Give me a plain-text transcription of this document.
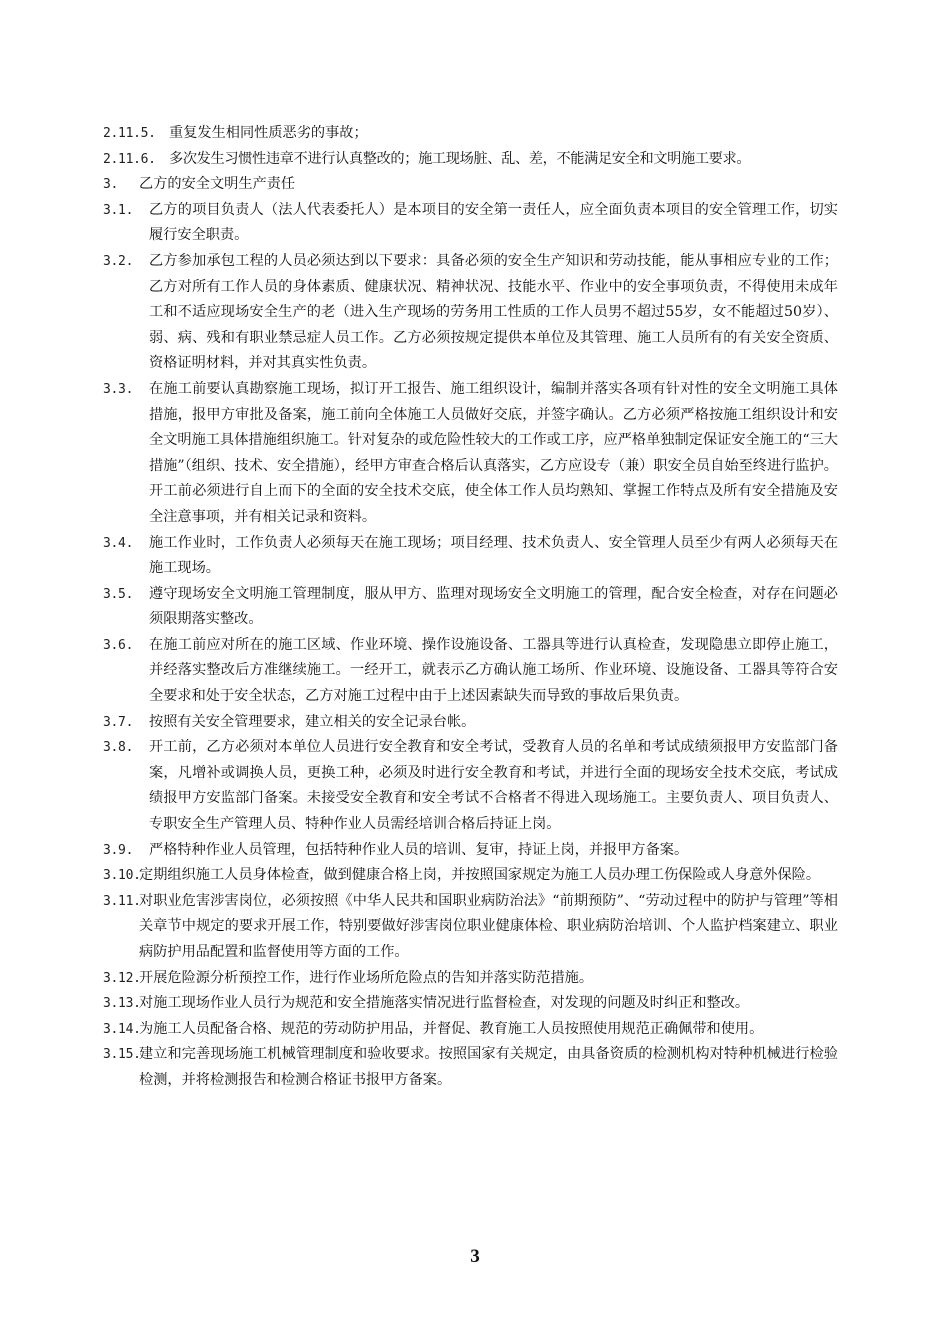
2.11.5. 重复发生相同性质恶劣的事故；
2.11.6. 多次发生习惯性违章不进行认真整改的；施工现场脏、乱、差，不能满足安全和文明施工要求。
3.	乙方的安全文明生产责任
3.1.	乙方的项目负责人（法人代表委托人）是本项目的安全第一责任人，应全面负责本项目的安全管理工作，切实履行安全职责。
3.2.	乙方参加承包工程的人员必须达到以下要求：具备必须的安全生产知识和劳动技能，能从事相应专业的工作；乙方对所有工作人员的身体素质、健康状况、精神状况、技能水平、作业中的安全事项负责，不得使用未成年工和不适应现场安全生产的老（进入生产现场的劳务用工性质的工作人员男不超过55岁，女不能超过50岁）、弱、病、残和有职业禁忌症人员工作。乙方必须按规定提供本单位及其管理、施工人员所有的有关安全资质、资格证明材料，并对其真实性负责。
3.3.	在施工前要认真勘察施工现场，拟订开工报告、施工组织设计，编制并落实各项有针对性的安全文明施工具体措施，报甲方审批及备案，施工前向全体施工人员做好交底，并签字确认。乙方必须严格按施工组织设计和安全文明施工具体措施组织施工。针对复杂的或危险性较大的工作或工序，应严格单独制定保证安全施工的“三大措施”（组织、技术、安全措施），经甲方审查合格后认真落实，乙方应设专（兼）职安全员自始至终进行监护。开工前必须进行自上而下的全面的安全技术交底，使全体工作人员均熟知、掌握工作特点及所有安全措施及安全注意事项，并有相关记录和资料。
3.4.	施工作业时，工作负责人必须每天在施工现场；项目经理、技术负责人、安全管理人员至少有两人必须每天在施工现场。
3.5.	遵守现场安全文明施工管理制度，服从甲方、监理对现场安全文明施工的管理，配合安全检查，对存在问题必须限期落实整改。
3.6.	在施工前应对所在的施工区域、作业环境、操作设施设备、工器具等进行认真检查，发现隐患立即停止施工，并经落实整改后方准继续施工。一经开工，就表示乙方确认施工场所、作业环境、设施设备、工器具等符合安全要求和处于安全状态，乙方对施工过程中由于上述因素缺失而导致的事故后果负责。
3.7.	按照有关安全管理要求，建立相关的安全记录台帐。
3.8.	开工前，乙方必须对本单位人员进行安全教育和安全考试，受教育人员的名单和考试成绩须报甲方安监部门备案，凡增补或调换人员，更换工种，必须及时进行安全教育和考试，并进行全面的现场安全技术交底，考试成绩报甲方安监部门备案。未接受安全教育和安全考试不合格者不得进入现场施工。主要负责人、项目负责人、专职安全生产管理人员、特种作业人员需经培训合格后持证上岗。
3.9.	严格特种作业人员管理，包括特种作业人员的培训、复审，持证上岗，并报甲方备案。
3.10.
定期组织施工人员身体检查，做到健康合格上岗，并按照国家规定为施工人员办理工伤保险或人身意外保险。
3.11.
对职业危害涉害岗位，必须按照《中华人民共和国职业病防治法》“前期预防”、“劳动过程中的防护与管理”等相关章节中规定的要求开展工作，特别要做好涉害岗位职业健康体检、职业病防治培训、个人监护档案建立、职业病防护用品配置和监督使用等方面的工作。
3.12.
开展危险源分析预控工作，进行作业场所危险点的告知并落实防范措施。
3.13.
对施工现场作业人员行为规范和安全措施落实情况进行监督检查，对发现的问题及时纠正和整改。
3.14.
为施工人员配备合格、规范的劳动防护用品，并督促、教育施工人员按照使用规范正确佩带和使用。
3.15.
建立和完善现场施工机械管理制度和验收要求。按照国家有关规定，由具备资质的检测机构对特种机械进行检验检测，并将检测报告和检测合格证书报甲方备案。
3
